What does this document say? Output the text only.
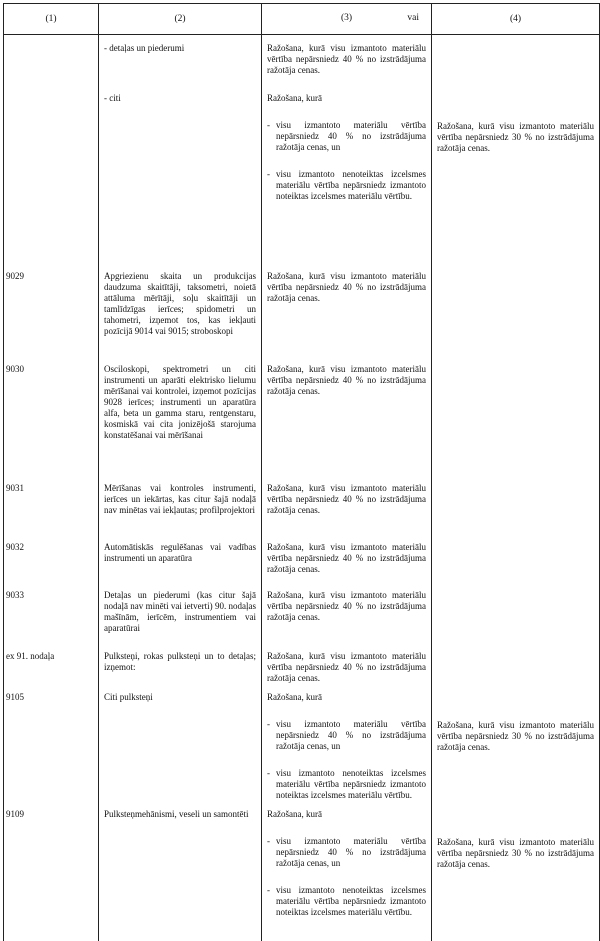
(1)	(2)	(3) vai	(4)
	- detaļas un piederumi	Ražošana, kurā visu izmantoto materiālu vērtība nepārsniedz 40 % no izstrādājuma ražotāja cenas.	

	- citi	Ražošana, kurā

- visu izmantoto materiālu vērtība nepārsniedz 40 % no izstrādājuma ražotāja cenas, un
- visu izmantoto nenoteiktas izcelsmes materiālu vērtība nepārsniedz izmantoto noteiktas izcelsmes materiālu vērtību.	Ražošana, kurā visu izmantoto materiālu vērtība nepārsniedz 30 % no izstrādājuma ražotāja cenas.
9029	Apgriezienu skaita un produkcijas daudzuma skaitītāji, taksometri, noietā attāluma mērītāji, soļu skaitītāji un tamlīdzīgas ierīces; spidometri un tahometri, izņemot tos, kas iekļauti pozīcijā 9014 vai 9015; stroboskopi	Ražošana, kurā visu izmantoto materiālu vērtība nepārsniedz 40 % no izstrādājuma ražotāja cenas.	

9030	Osciloskopi, spektrometri un citi instrumenti un aparāti elektrisko lielumu mērīšanai vai kontrolei, izņemot pozīcijas 9028 ierīces; instrumenti un aparatūra alfa, beta un gamma staru, rentgenstaru, kosmiskā vai cita jonizējošā starojuma konstatēšanai vai mērīšanai	Ražošana, kurā visu izmantoto materiālu vērtība nepārsniedz 40 % no izstrādājuma ražotāja cenas.	

9031	Mērīšanas vai kontroles instrumenti, ierīces un iekārtas, kas citur šajā nodaļā nav minētas vai iekļautas; profilprojektori	Ražošana, kurā visu izmantoto materiālu vērtība nepārsniedz 40 % no izstrādājuma ražotāja cenas.	

9032	Automātiskās regulēšanas vai vadības instrumenti un aparatūra	Ražošana, kurā visu izmantoto materiālu vērtība nepārsniedz 40 % no izstrādājuma ražotāja cenas.	

9033	Detaļas un piederumi (kas citur šajā nodaļā nav minēti vai ietverti) 90. nodaļas mašīnām, ierīcēm, instrumentiem vai aparatūrai	Ražošana, kurā visu izmantoto materiālu vērtība nepārsniedz 40 % no izstrādājuma ražotāja cenas.	

ex 91. nodaļa	Pulksteņi, rokas pulksteņi un to detaļas; izņemot:	Ražošana, kurā visu izmantoto materiālu vērtība nepārsniedz 40 % no izstrādājuma ražotāja cenas.	

9105	Citi pulksteņi	Ražošana, kurā

- visu izmantoto materiālu vērtība nepārsniedz 40 % no izstrādājuma ražotāja cenas, un
- visu izmantoto nenoteiktas izcelsmes materiālu vērtība nepārsniedz izmantoto noteiktas izcelsmes materiālu vērtību.	Ražošana, kurā visu izmantoto materiālu vērtība nepārsniedz 30 % no izstrādājuma ražotāja cenas.
9109	Pulksteņmehānismi, veseli un samontēti	Ražošana, kurā

- visu izmantoto materiālu vērtība nepārsniedz 40 % no izstrādājuma ražotāja cenas, un
- visu izmantoto nenoteiktas izcelsmes materiālu vērtība nepārsniedz izmantoto noteiktas izcelsmes materiālu vērtību.	Ražošana, kurā visu izmantoto materiālu vērtība nepārsniedz 30 % no izstrādājuma ražotāja cenas.
